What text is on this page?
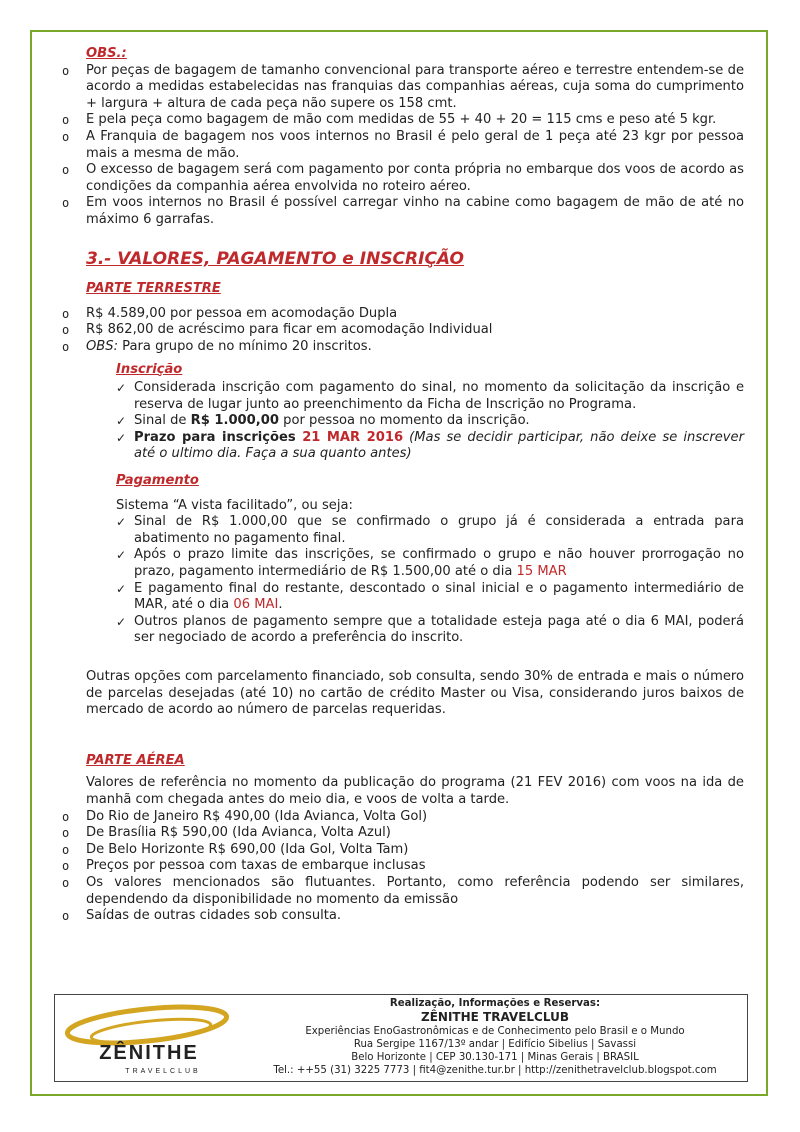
OBS.:
o Por peças de bagagem de tamanho convencional para transporte aéreo e terrestre entendem-se de acordo a medidas estabelecidas nas franquias das companhias aéreas, cuja soma do cumprimento + largura + altura de cada peça não supere os 158 cmt.
o E pela peça como bagagem de mão com medidas de 55 + 40 + 20 = 115 cms e peso até 5 kgr.
o A Franquia de bagagem nos voos internos no Brasil é pelo geral de 1 peça até 23 kgr por pessoa mais a mesma de mão.
o O excesso de bagagem será com pagamento por conta própria no embarque dos voos de acordo as condições da companhia aérea envolvida no roteiro aéreo.
o Em voos internos no Brasil é possível carregar vinho na cabine como bagagem de mão de até no máximo 6 garrafas.
3.- VALORES, PAGAMENTO e INSCRIÇÃO
PARTE TERRESTRE
o R$ 4.589,00 por pessoa em acomodação Dupla
o R$ 862,00 de acréscimo para ficar em acomodação Individual
o OBS: Para grupo de no mínimo 20 inscritos.
Inscrição
✓ Considerada inscrição com pagamento do sinal, no momento da solicitação da inscrição e reserva de lugar junto ao preenchimento da Ficha de Inscrição no Programa.
✓ Sinal de R$ 1.000,00 por pessoa no momento da inscrição.
✓ Prazo para inscrições 21 MAR 2016 (Mas se decidir participar, não deixe se inscrever até o ultimo dia. Faça a sua quanto antes)
Pagamento
Sistema “A vista facilitado”, ou seja:
✓ Sinal de R$ 1.000,00 que se confirmado o grupo já é considerada a entrada para abatimento no pagamento final.
✓ Após o prazo limite das inscrições, se confirmado o grupo e não houver prorrogação no prazo, pagamento intermediário de R$ 1.500,00 até o dia 15 MAR
✓ E pagamento final do restante, descontado o sinal inicial e o pagamento intermediário de MAR, até o dia 06 MAI.
✓ Outros planos de pagamento sempre que a totalidade esteja paga até o dia 6 MAI, poderá ser negociado de acordo a preferência do inscrito.

Outras opções com parcelamento financiado, sob consulta, sendo 30% de entrada e mais o número de parcelas desejadas (até 10) no cartão de crédito Master ou Visa, considerando juros baixos de mercado de acordo ao número de parcelas requeridas.

PARTE AÉREA

Valores de referência no momento da publicação do programa (21 FEV 2016) com voos na ida de manhã com chegada antes do meio dia, e voos de volta a tarde.

o Do Rio de Janeiro R$ 490,00 (Ida Avianca, Volta Gol)
o De Brasília R$ 590,00 (Ida Avianca, Volta Azul)
o De Belo Horizonte R$ 690,00 (Ida Gol, Volta Tam)
o Preços por pessoa com taxas de embarque inclusas
o Os valores mencionados são flutuantes. Portanto, como referência podendo ser similares, dependendo da disponibilidade no momento da emissão
o Saídas de outras cidades sob consulta.
ZÊNITHE
TRAVELCLUB
Realização, Informações e Reservas:
ZÊNITHE TRAVELCLUB
Experiências EnoGastronômicas e de Conhecimento pelo Brasil e o Mundo
Rua Sergipe 1167/13º andar | Edifício Sibelius | Savassi
Belo Horizonte | CEP 30.130-171 | Minas Gerais | BRASIL
Tel.: ++55 (31) 3225 7773 | fit4@zenithe.tur.br | http://zenithetravelclub.blogspot.com
